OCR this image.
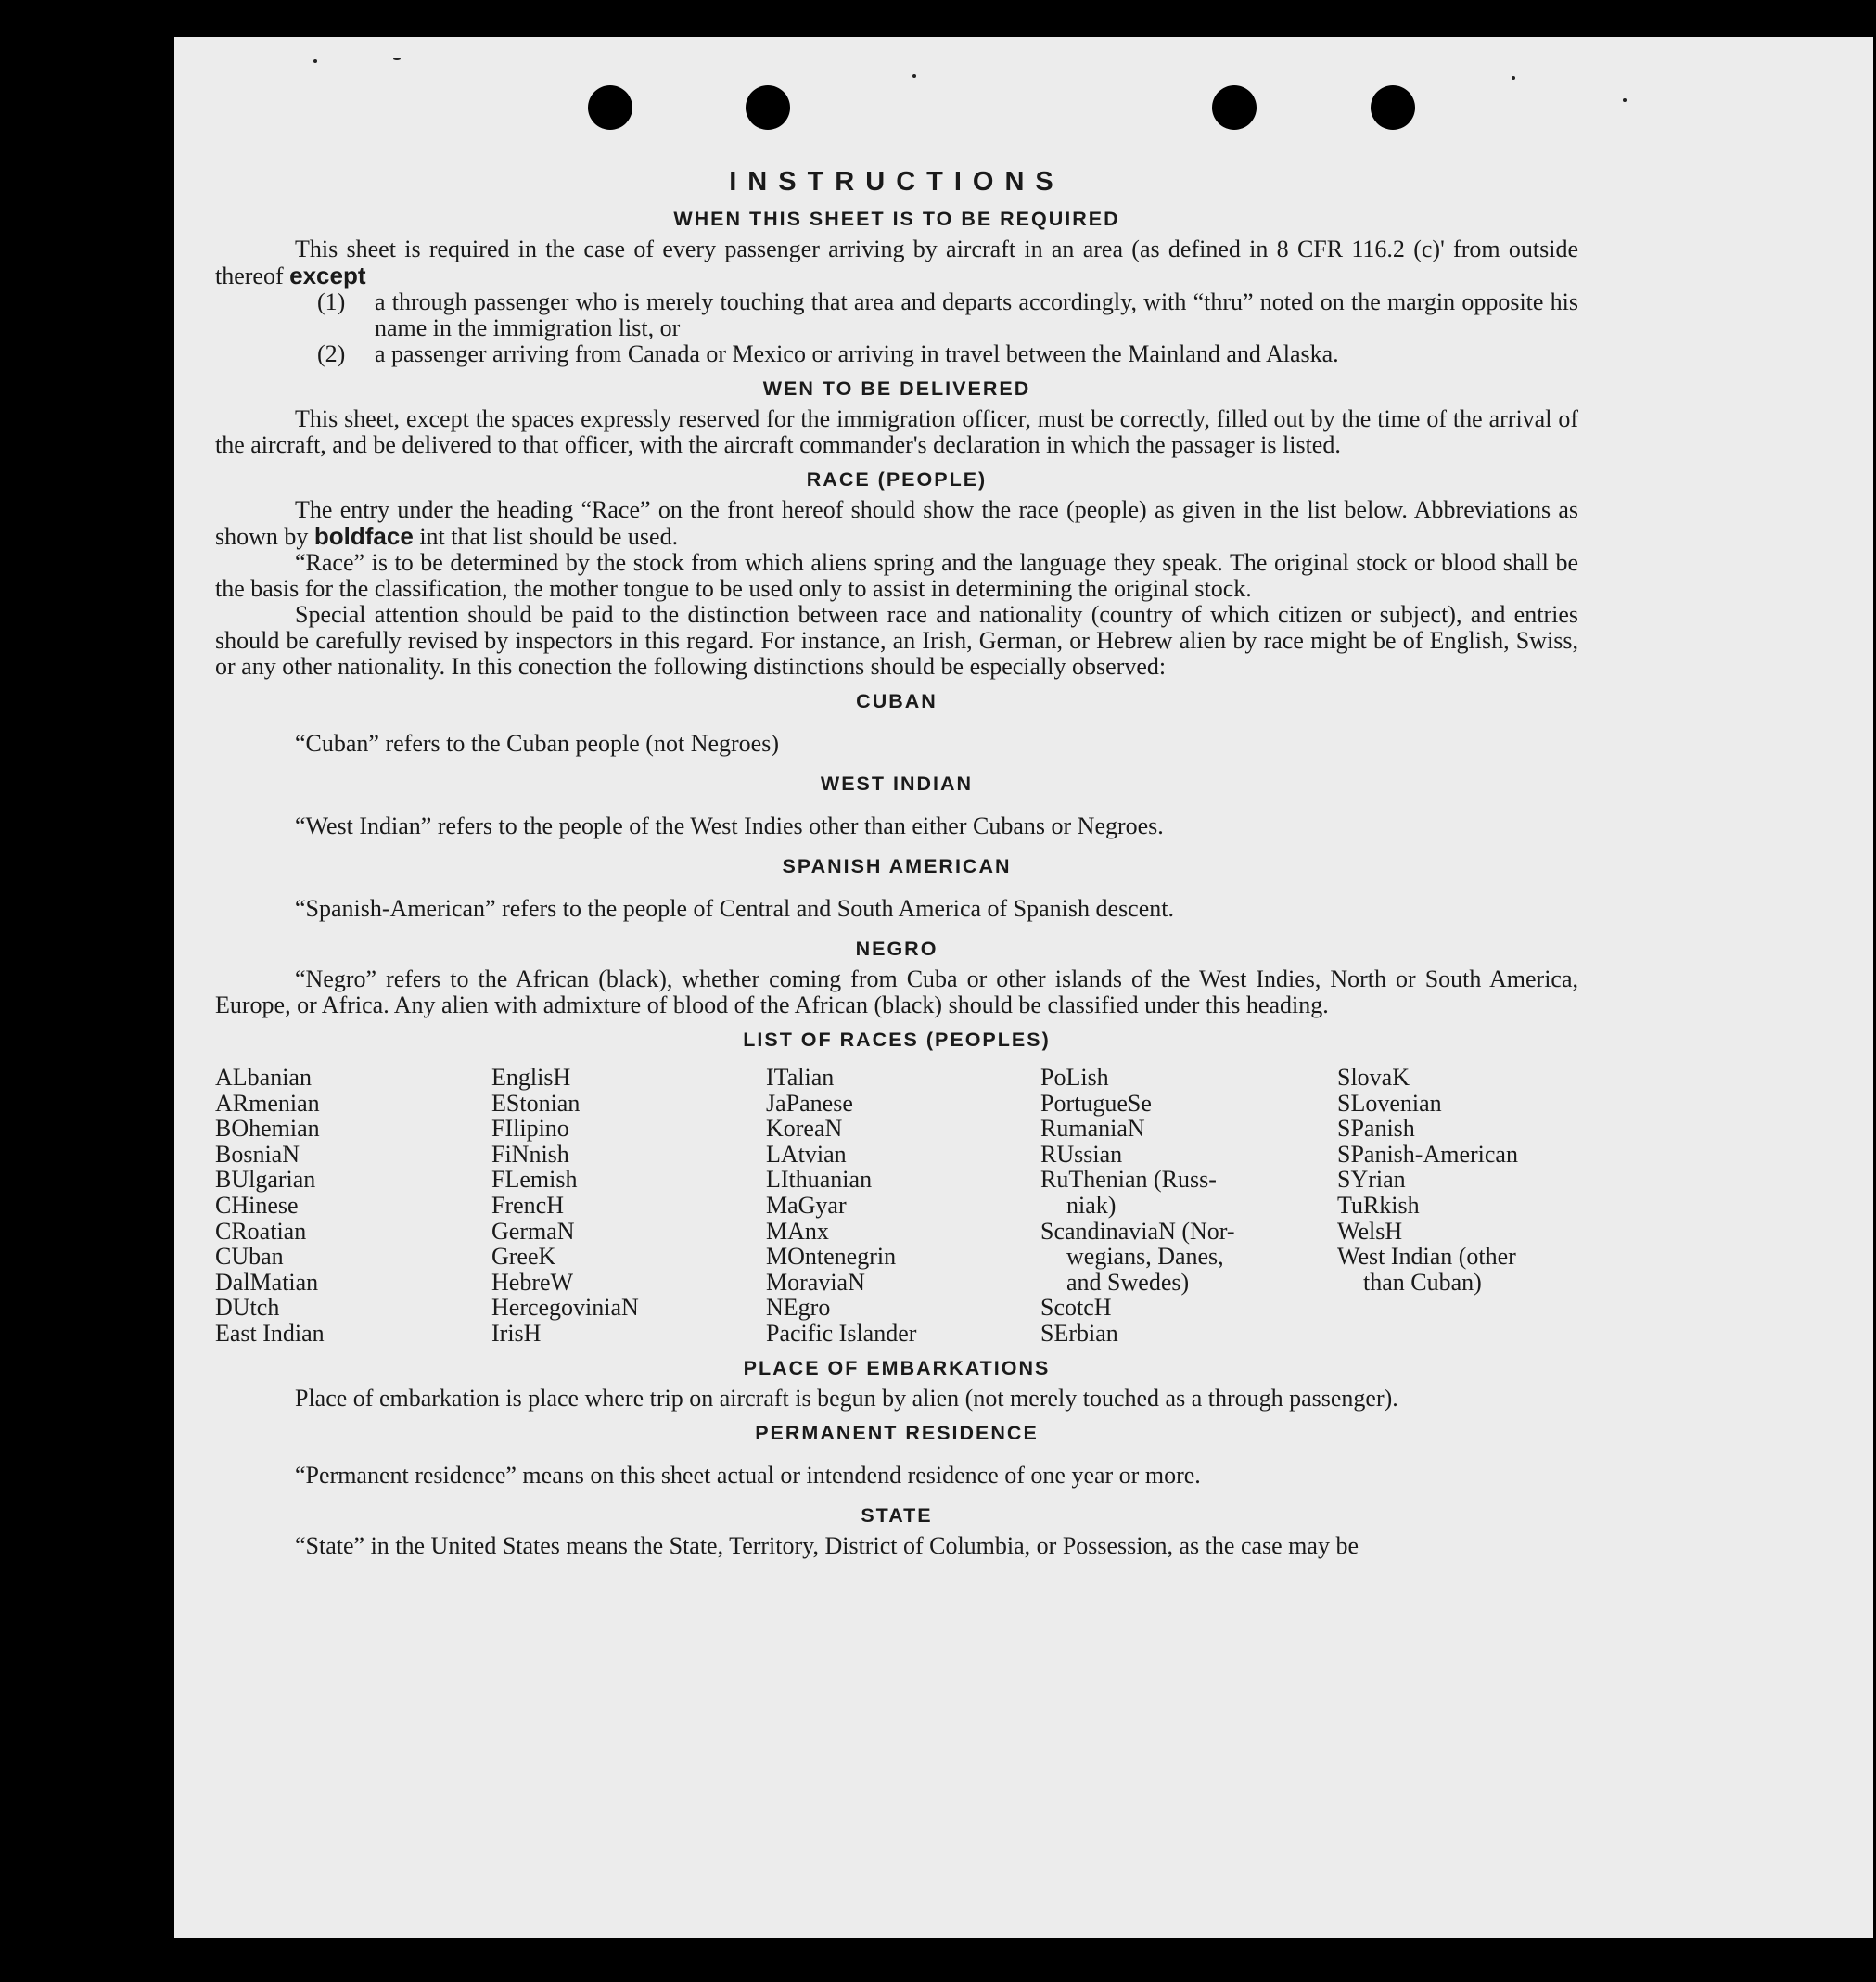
INSTRUCTIONS
WHEN THIS SHEET IS TO BE REQUIRED

This sheet is required in the case of every passenger arriving by aircraft in an area (as defined in 8 CFR 116.2 (c)' from outside thereof except

(1)	a through passenger who is merely touching that area and departs accordingly, with “thru” noted on the margin opposite his name in the immigration list, or
(2)	a passenger arriving from Canada or Mexico or arriving in travel between the Mainland and Alaska.
WEN TO BE DELIVERED

This sheet, except the spaces expressly reserved for the immigration officer, must be correctly, filled out by the time of the arrival of the aircraft, and be delivered to that officer, with the aircraft commander's declaration in which the passager is listed.

RACE (PEOPLE)

The entry under the heading “Race” on the front hereof should show the race (people) as given in the list below. Abbreviations as shown by boldface int that list should be used.

“Race” is to be determined by the stock from which aliens spring and the language they speak. The original stock or blood shall be the basis for the classification, the mother tongue to be used only to assist in determining the original stock.

Special attention should be paid to the distinction between race and nationality (country of which citizen or subject), and entries should be carefully revised by inspectors in this regard. For instance, an Irish, German, or Hebrew alien by race might be of English, Swiss, or any other nationality. In this conection the following distinctions should be especially observed:

CUBAN

“Cuban” refers to the Cuban people (not Negroes)

WEST INDIAN

“West Indian” refers to the people of the West Indies other than either Cubans or Negroes.

SPANISH AMERICAN

“Spanish-American” refers to the people of Central and South America of Spanish descent.

NEGRO

“Negro” refers to the African (black), whether coming from Cuba or other islands of the West Indies, North or South America, Europe, or Africa. Any alien with admixture of blood of the African (black) should be classified under this heading.

LIST OF RACES (PEOPLES)
ALbanian
ARmenian
BOhemian
BosniaN
BUlgarian
CHinese
CRoatian
CUban
DalMatian
DUtch
East Indian
EnglisH
EStonian
FIlipino
FiNnish
FLemish
FrencH
GermaN
GreeK
HebreW
HercegoviniaN
IrisH
ITalian
JaPanese
KoreaN
LAtvian
LIthuanian
MaGyar
MAnx
MOntenegrin
MoraviaN
NEgro
Pacific Islander
PoLish
PortugueSe
RumaniaN
RUssian
RuThenian (Russ-
niak)
ScandinaviaN (Nor-
wegians, Danes,
and Swedes)
ScotcH
SErbian
SlovaK
SLovenian
SPanish
SPanish-American
SYrian
TuRkish
WelsH
West Indian (other
than Cuban)
PLACE OF EMBARKATIONS

Place of embarkation is place where trip on aircraft is begun by alien (not merely touched as a through passenger).

PERMANENT RESIDENCE

“Permanent residence” means on this sheet actual or intendend residence of one year or more.

STATE

“State” in the United States means the State, Territory, District of Columbia, or Possession, as the case may be
